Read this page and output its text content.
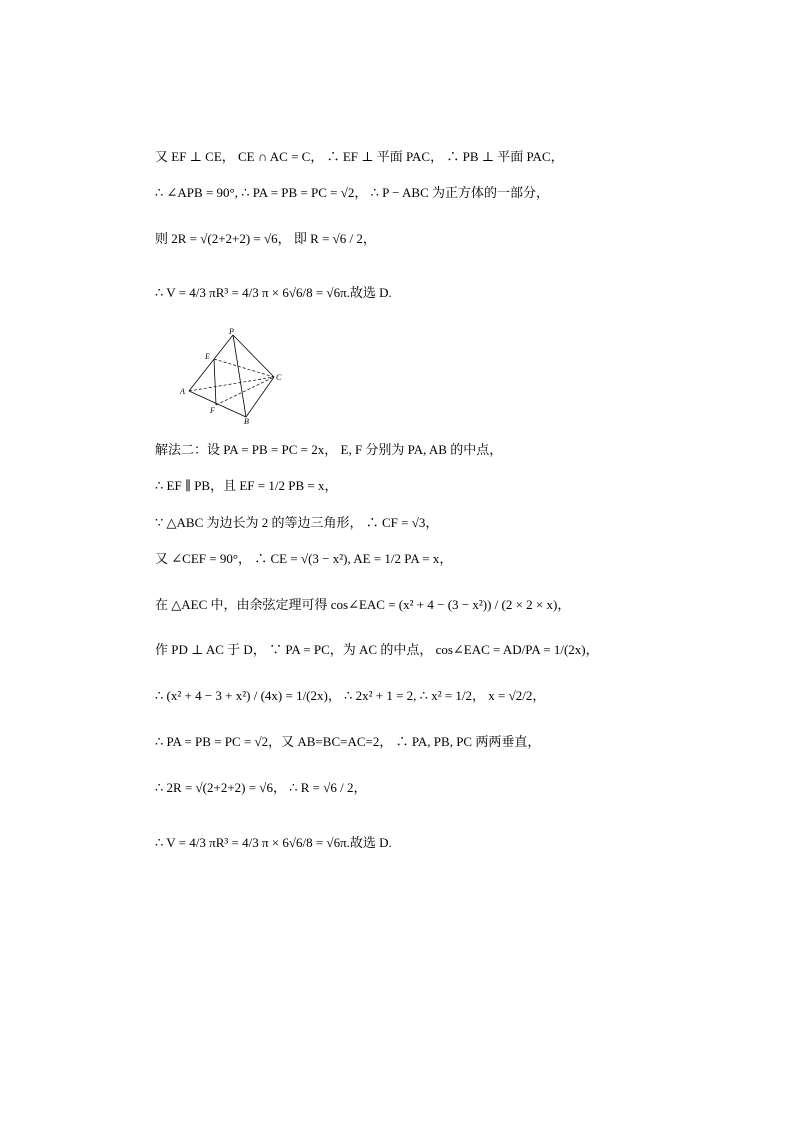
又 EF ⊥ CE， CE ∩ AC = C， ∴ EF ⊥ 平面 PAC， ∴ PB ⊥ 平面 PAC，
∴ ∠APB = 90°, ∴ PA = PB = PC = √2， ∴ P − ABC 为正方体的一部分，
则 2R = √(2+2+2) = √6， 即 R = √6 / 2，
∴ V = 4/3 πR³ = 4/3 π × 6√6/8 = √6π.故选 D.
P
E
A
F
B
C
解法二：设 PA = PB = PC = 2x， E, F 分别为 PA, AB 的中点，
∴ EF ∥ PB，且 EF = 1/2 PB = x，
∵ △ABC 为边长为 2 的等边三角形， ∴ CF = √3，
又 ∠CEF = 90°， ∴ CE = √(3 − x²), AE = 1/2 PA = x，
在 △AEC 中，由余弦定理可得 cos∠EAC = (x² + 4 − (3 − x²)) / (2 × 2 × x)，
作 PD ⊥ AC 于 D， ∵ PA = PC，为 AC 的中点， cos∠EAC = AD/PA = 1/(2x)，
∴ (x² + 4 − 3 + x²) / (4x) = 1/(2x)， ∴ 2x² + 1 = 2, ∴ x² = 1/2， x = √2/2，
∴ PA = PB = PC = √2，又 AB=BC=AC=2， ∴ PA, PB, PC 两两垂直，
∴ 2R = √(2+2+2) = √6， ∴ R = √6 / 2，
∴ V = 4/3 πR³ = 4/3 π × 6√6/8 = √6π.故选 D.
